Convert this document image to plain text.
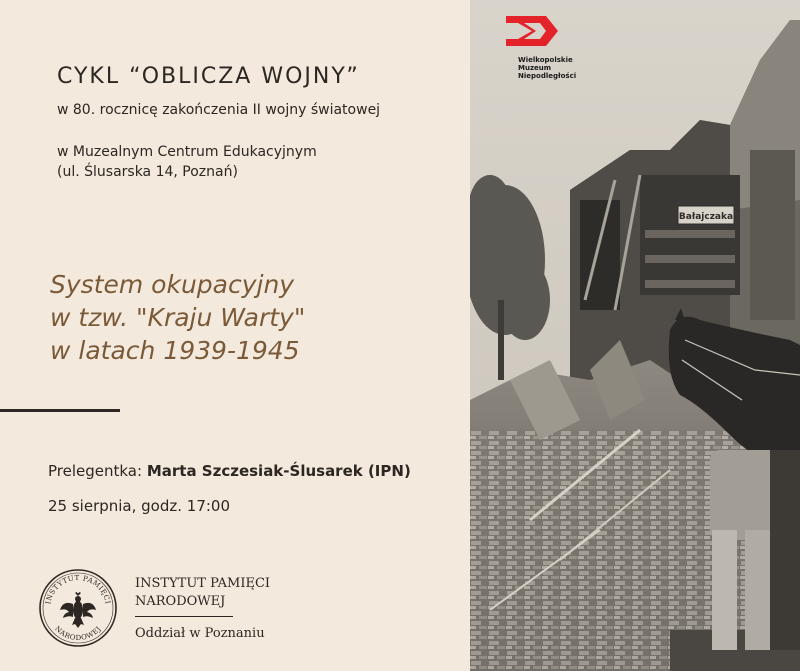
CYKL “OBLICZA WOJNY”
w 80. rocznicę zakończenia II wojny światowej
w Muzealnym Centrum Edukacyjnym
(ul. Ślusarska 14, Poznań)
System okupacyjny
w tzw. "Kraju Warty"
w latach 1939-1945
Prelegentka: Marta Szczesiak-Ślusarek (IPN)
25 sierpnia, godz. 17:00
INSTYTUT PAMIĘCI
NARODOWEJ
INSTYTUT PAMIĘCI
NARODOWEJ
Oddział w Poznaniu
Bałajczaka
Wielkopolskie
Muzeum
Niepodległości
